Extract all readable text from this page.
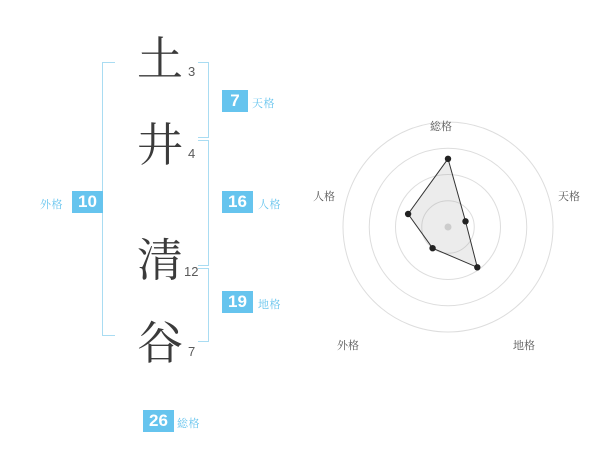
土 3
井 4
清 12
谷 7
7	天格
16	人格
19	地格
外格 10
26 総格
総格
天格
地格
外格
人格
